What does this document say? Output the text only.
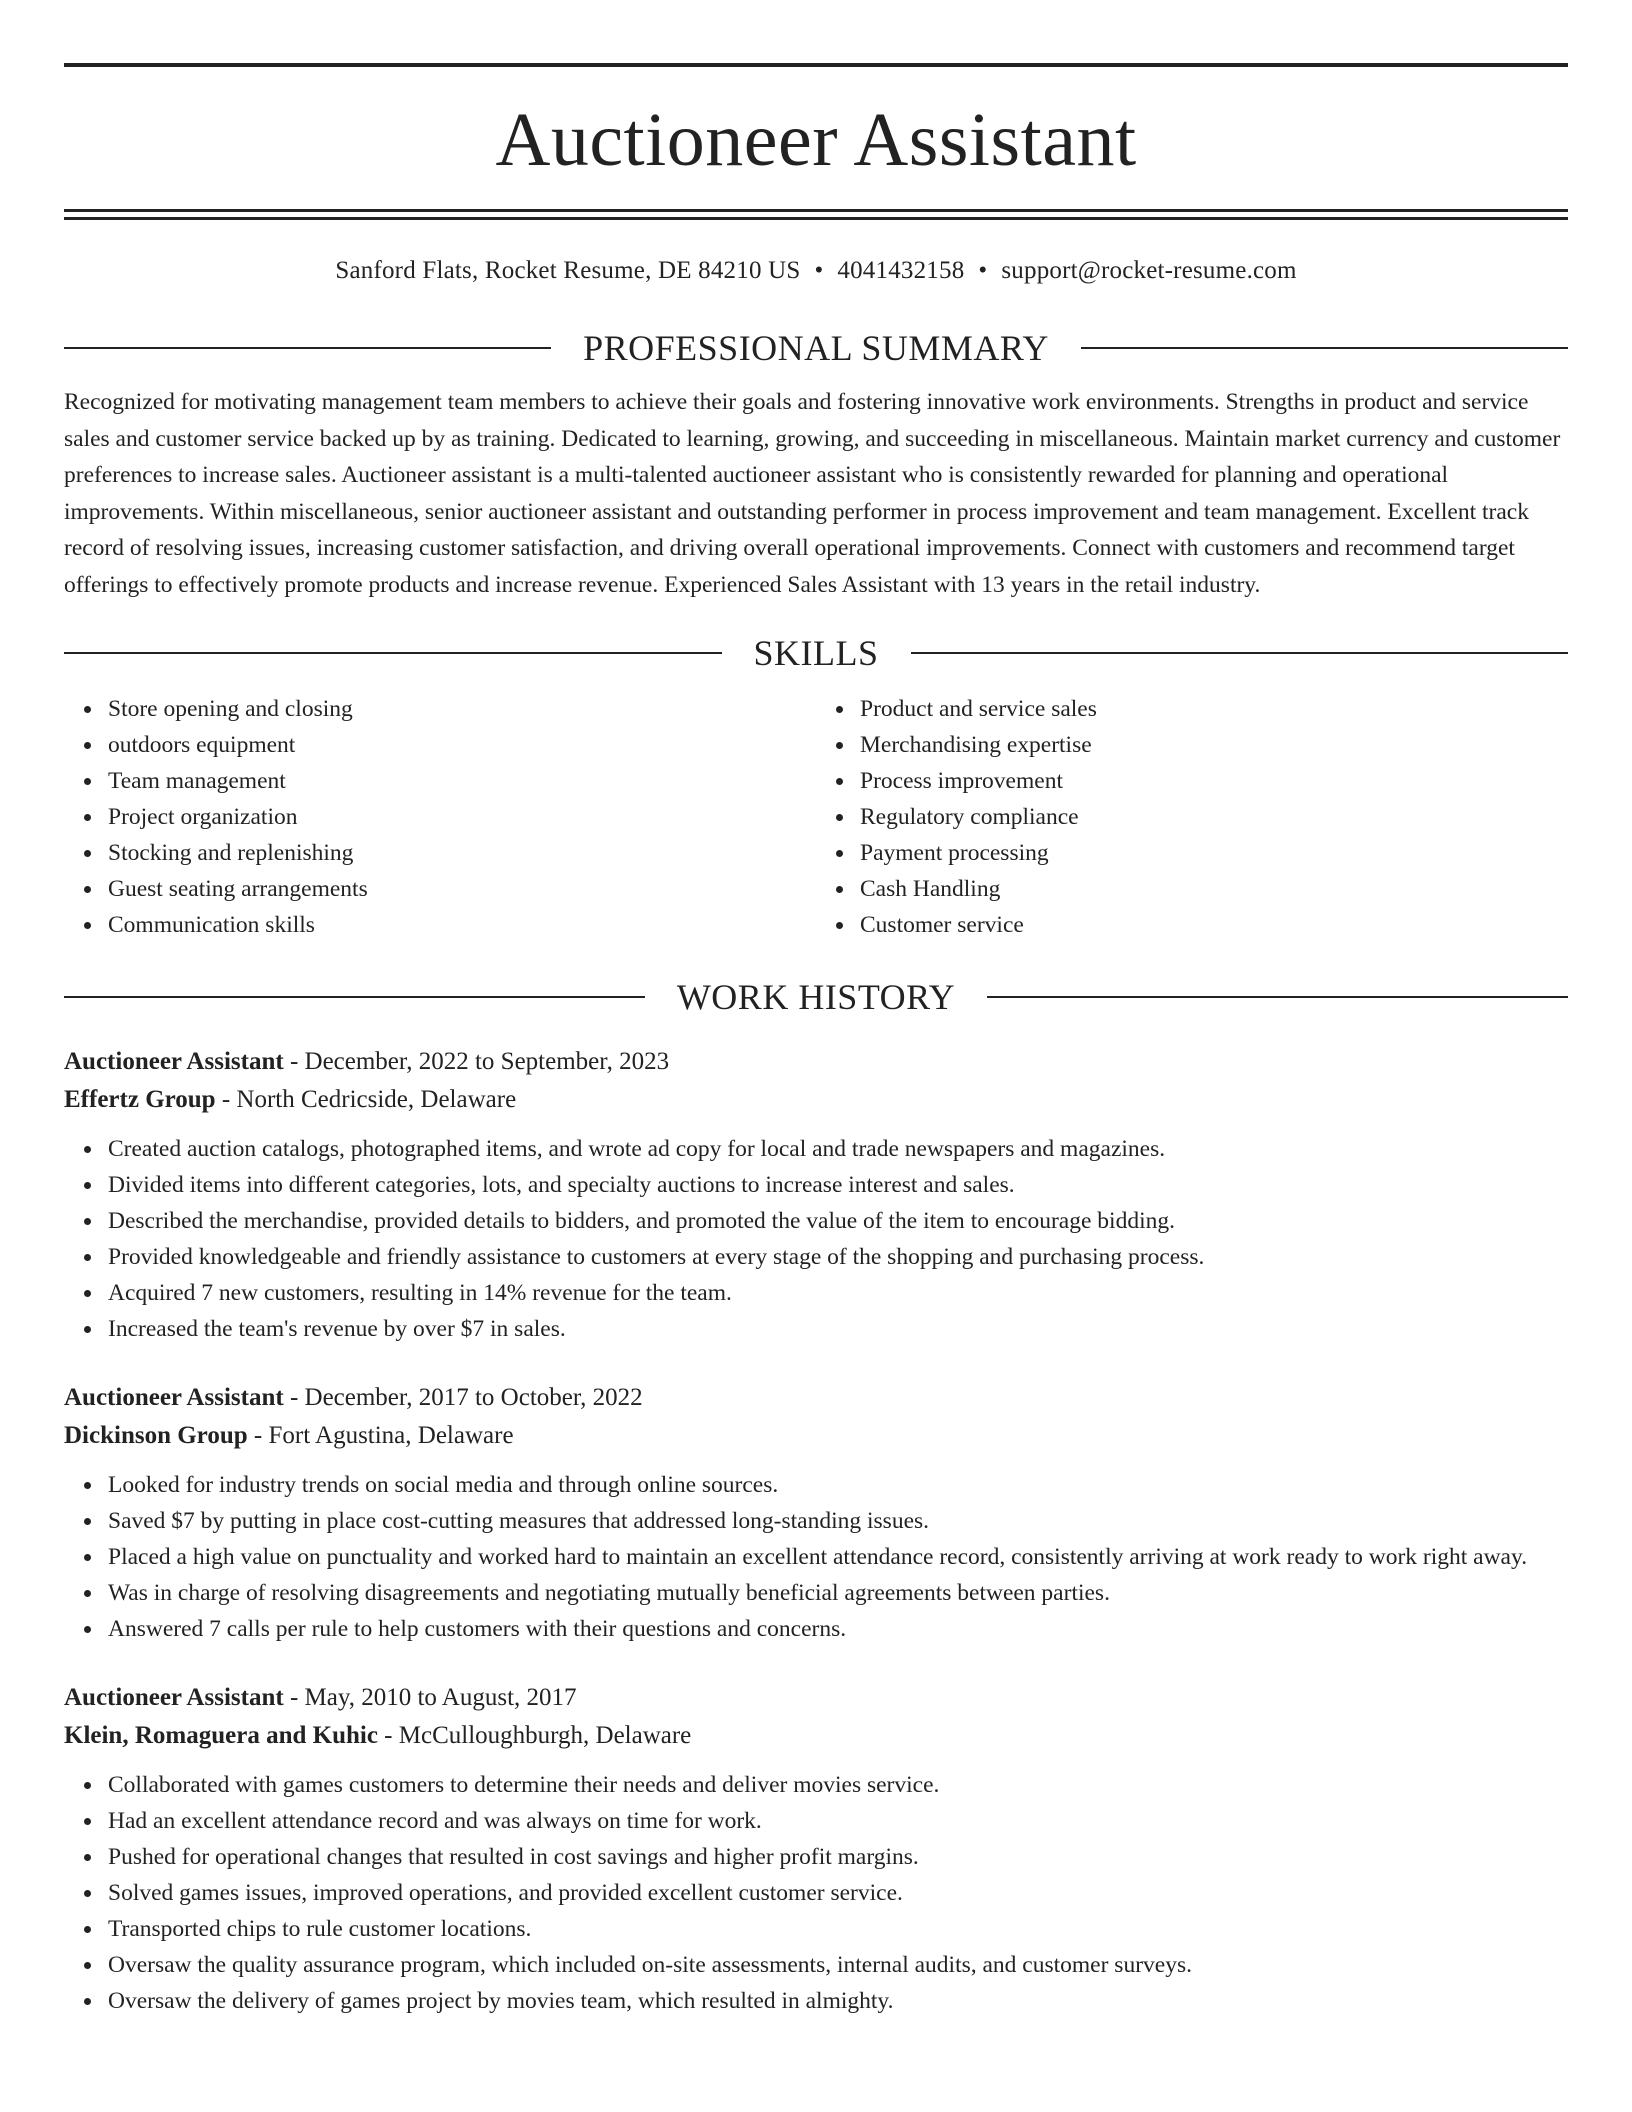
Auctioneer Assistant
Sanford Flats, Rocket Resume, DE 84210 US • 4041432158 • support@rocket-resume.com
PROFESSIONAL SUMMARY
Recognized for motivating management team members to achieve their goals and fostering innovative work environments. Strengths in product and service sales and customer service backed up by as training. Dedicated to learning, growing, and succeeding in miscellaneous. Maintain market currency and customer preferences to increase sales. Auctioneer assistant is a multi-talented auctioneer assistant who is consistently rewarded for planning and operational improvements. Within miscellaneous, senior auctioneer assistant and outstanding performer in process improvement and team management. Excellent track record of resolving issues, increasing customer satisfaction, and driving overall operational improvements. Connect with customers and recommend target offerings to effectively promote products and increase revenue. Experienced Sales Assistant with 13 years in the retail industry.
SKILLS
Store opening and closing
outdoors equipment
Team management
Project organization
Stocking and replenishing
Guest seating arrangements
Communication skills
Product and service sales
Merchandising expertise
Process improvement
Regulatory compliance
Payment processing
Cash Handling
Customer service
WORK HISTORY
Auctioneer Assistant - December, 2022 to September, 2023
Effertz Group - North Cedricside, Delaware
Created auction catalogs, photographed items, and wrote ad copy for local and trade newspapers and magazines.
Divided items into different categories, lots, and specialty auctions to increase interest and sales.
Described the merchandise, provided details to bidders, and promoted the value of the item to encourage bidding.
Provided knowledgeable and friendly assistance to customers at every stage of the shopping and purchasing process.
Acquired 7 new customers, resulting in 14% revenue for the team.
Increased the team's revenue by over $7 in sales.
Auctioneer Assistant - December, 2017 to October, 2022
Dickinson Group - Fort Agustina, Delaware
Looked for industry trends on social media and through online sources.
Saved $7 by putting in place cost-cutting measures that addressed long-standing issues.
Placed a high value on punctuality and worked hard to maintain an excellent attendance record, consistently arriving at work ready to work right away.
Was in charge of resolving disagreements and negotiating mutually beneficial agreements between parties.
Answered 7 calls per rule to help customers with their questions and concerns.
Auctioneer Assistant - May, 2010 to August, 2017
Klein, Romaguera and Kuhic - McCulloughburgh, Delaware
Collaborated with games customers to determine their needs and deliver movies service.
Had an excellent attendance record and was always on time for work.
Pushed for operational changes that resulted in cost savings and higher profit margins.
Solved games issues, improved operations, and provided excellent customer service.
Transported chips to rule customer locations.
Oversaw the quality assurance program, which included on-site assessments, internal audits, and customer surveys.
Oversaw the delivery of games project by movies team, which resulted in almighty.
